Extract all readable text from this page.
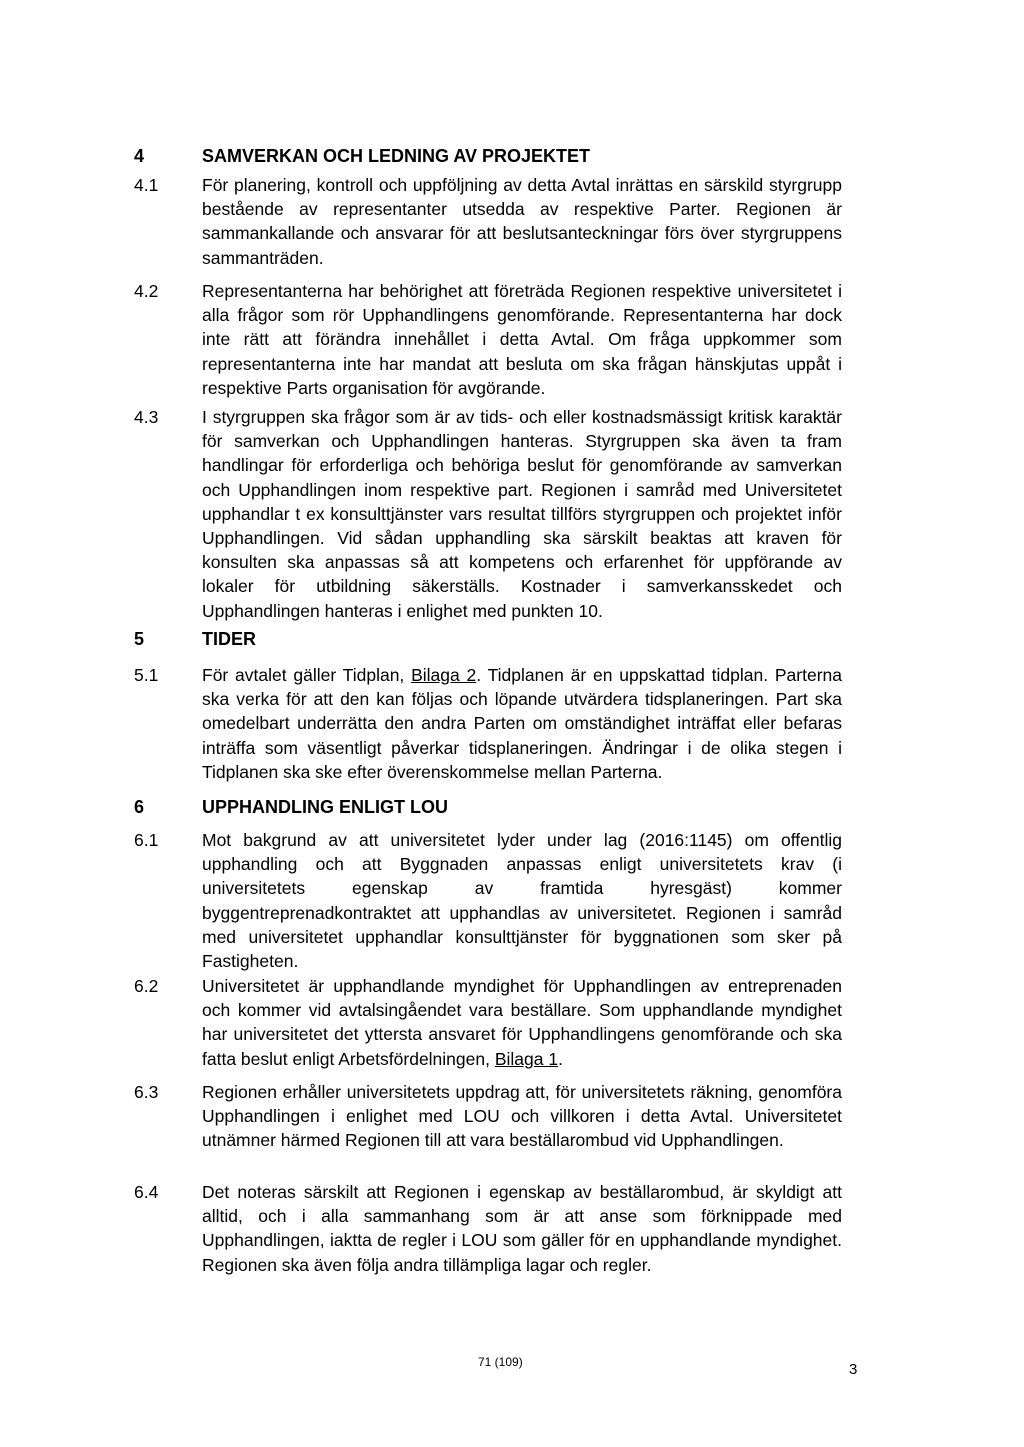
4	SAMVERKAN OCH LEDNING AV PROJEKTET
4.1 För planering, kontroll och uppföljning av detta Avtal inrättas en särskild styrgrupp bestående av representanter utsedda av respektive Parter. Regionen är sammankallande och ansvarar för att beslutsanteckningar förs över styrgruppens sammanträden.
4.2 Representanterna har behörighet att företräda Regionen respektive universitetet i alla frågor som rör Upphandlingens genomförande. Representanterna har dock inte rätt att förändra innehållet i detta Avtal. Om fråga uppkommer som representanterna inte har mandat att besluta om ska frågan hänskjutas uppåt i respektive Parts organisation för avgörande.
4.3 I styrgruppen ska frågor som är av tids- och eller kostnadsmässigt kritisk karaktär för samverkan och Upphandlingen hanteras. Styrgruppen ska även ta fram handlingar för erforderliga och behöriga beslut för genomförande av samverkan och Upphandlingen inom respektive part. Regionen i samråd med Universitetet upphandlar t ex konsulttjänster vars resultat tillförs styrgruppen och projektet inför Upphandlingen. Vid sådan upphandling ska särskilt beaktas att kraven för konsulten ska anpassas så att kompetens och erfarenhet för uppförande av lokaler för utbildning säkerställs. Kostnader i samverkansskedet och Upphandlingen hanteras i enlighet med punkten 10.
5	TIDER
5.1 För avtalet gäller Tidplan, Bilaga 2. Tidplanen är en uppskattad tidplan. Parterna ska verka för att den kan följas och löpande utvärdera tidsplaneringen. Part ska omedelbart underrätta den andra Parten om omständighet inträffat eller befaras inträffa som väsentligt påverkar tidsplaneringen. Ändringar i de olika stegen i Tidplanen ska ske efter överenskommelse mellan Parterna.
6	UPPHANDLING ENLIGT LOU
6.1 Mot bakgrund av att universitetet lyder under lag (2016:1145) om offentlig upphandling och att Byggnaden anpassas enligt universitetets krav (i universitetets egenskap av framtida hyresgäst) kommer byggentreprenadkontraktet att upphandlas av universitetet. Regionen i samråd med universitetet upphandlar konsulttjänster för byggnationen som sker på Fastigheten.
6.2 Universitetet är upphandlande myndighet för Upphandlingen av entreprenaden och kommer vid avtalsingåendet vara beställare. Som upphandlande myndighet har universitetet det yttersta ansvaret för Upphandlingens genomförande och ska fatta beslut enligt Arbetsfördelningen, Bilaga 1.
6.3 Regionen erhåller universitetets uppdrag att, för universitetets räkning, genomföra Upphandlingen i enlighet med LOU och villkoren i detta Avtal. Universitetet utnämner härmed Regionen till att vara beställarombud vid Upphandlingen.
6.4 Det noteras särskilt att Regionen i egenskap av beställarombud, är skyldigt att alltid, och i alla sammanhang som är att anse som förknippade med Upphandlingen, iaktta de regler i LOU som gäller för en upphandlande myndighet. Regionen ska även följa andra tillämpliga lagar och regler.
71 (109)	3
